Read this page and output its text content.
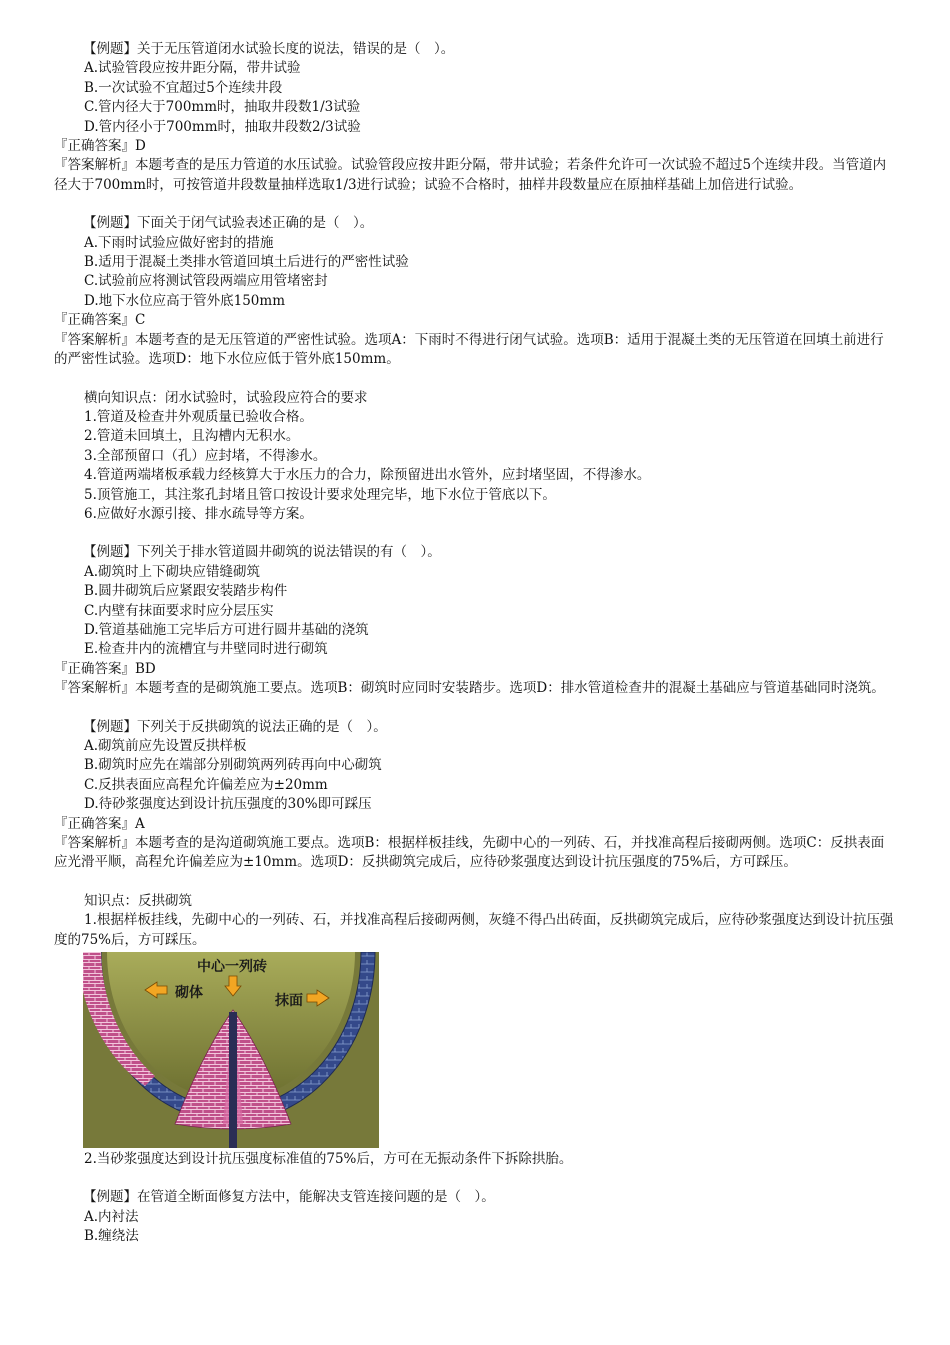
【例题】关于无压管道闭水试验长度的说法，错误的是（　）。
A.试验管段应按井距分隔，带井试验
B.一次试验不宜超过5个连续井段
C.管内径大于700mm时，抽取井段数1/3试验
D.管内径小于700mm时，抽取井段数2/3试验
『正确答案』D
『答案解析』本题考查的是压力管道的水压试验。试验管段应按井距分隔，带井试验；若条件允许可一次试验不超过5个连续井段。当管道内径大于700mm时，可按管道井段数量抽样选取1/3进行试验；试验不合格时，抽样井段数量应在原抽样基础上加倍进行试验。
【例题】下面关于闭气试验表述正确的是（　）。
A.下雨时试验应做好密封的措施
B.适用于混凝土类排水管道回填土后进行的严密性试验
C.试验前应将测试管段两端应用管堵密封
D.地下水位应高于管外底150mm
『正确答案』C
『答案解析』本题考查的是无压管道的严密性试验。选项A：下雨时不得进行闭气试验。选项B：适用于混凝土类的无压管道在回填土前进行的严密性试验。选项D：地下水位应低于管外底150mm。
横向知识点：闭水试验时，试验段应符合的要求
1.管道及检查井外观质量已验收合格。
2.管道未回填土，且沟槽内无积水。
3.全部预留口（孔）应封堵，不得渗水。
4.管道两端堵板承载力经核算大于水压力的合力，除预留进出水管外，应封堵坚固，不得渗水。
5.顶管施工，其注浆孔封堵且管口按设计要求处理完毕，地下水位于管底以下。
6.应做好水源引接、排水疏导等方案。
【例题】下列关于排水管道圆井砌筑的说法错误的有（　）。
A.砌筑时上下砌块应错缝砌筑
B.圆井砌筑后应紧跟安装踏步构件
C.内壁有抹面要求时应分层压实
D.管道基础施工完毕后方可进行圆井基础的浇筑
E.检查井内的流槽宜与井壁同时进行砌筑
『正确答案』BD
『答案解析』本题考查的是砌筑施工要点。选项B：砌筑时应同时安装踏步。选项D：排水管道检查井的混凝土基础应与管道基础同时浇筑。
【例题】下列关于反拱砌筑的说法正确的是（　）。
A.砌筑前应先设置反拱样板
B.砌筑时应先在端部分别砌筑两列砖再向中心砌筑
C.反拱表面应高程允许偏差应为±20mm
D.待砂浆强度达到设计抗压强度的30%即可踩压
『正确答案』A
『答案解析』本题考查的是沟道砌筑施工要点。选项B：根据样板挂线，先砌中心的一列砖、石，并找准高程后接砌两侧。选项C：反拱表面应光滑平顺，高程允许偏差应为±10mm。选项D：反拱砌筑完成后，应待砂浆强度达到设计抗压强度的75%后，方可踩压。
知识点：反拱砌筑
1.根据样板挂线，先砌中心的一列砖、石，并找准高程后接砌两侧，灰缝不得凸出砖面，反拱砌筑完成后，应待砂浆强度达到设计抗压强度的75%后，方可踩压。
砌体
中心一列砖
抹面
2.当砂浆强度达到设计抗压强度标准值的75%后，方可在无振动条件下拆除拱胎。
【例题】在管道全断面修复方法中，能解决支管连接问题的是（　）。
A.内衬法
B.缠绕法
